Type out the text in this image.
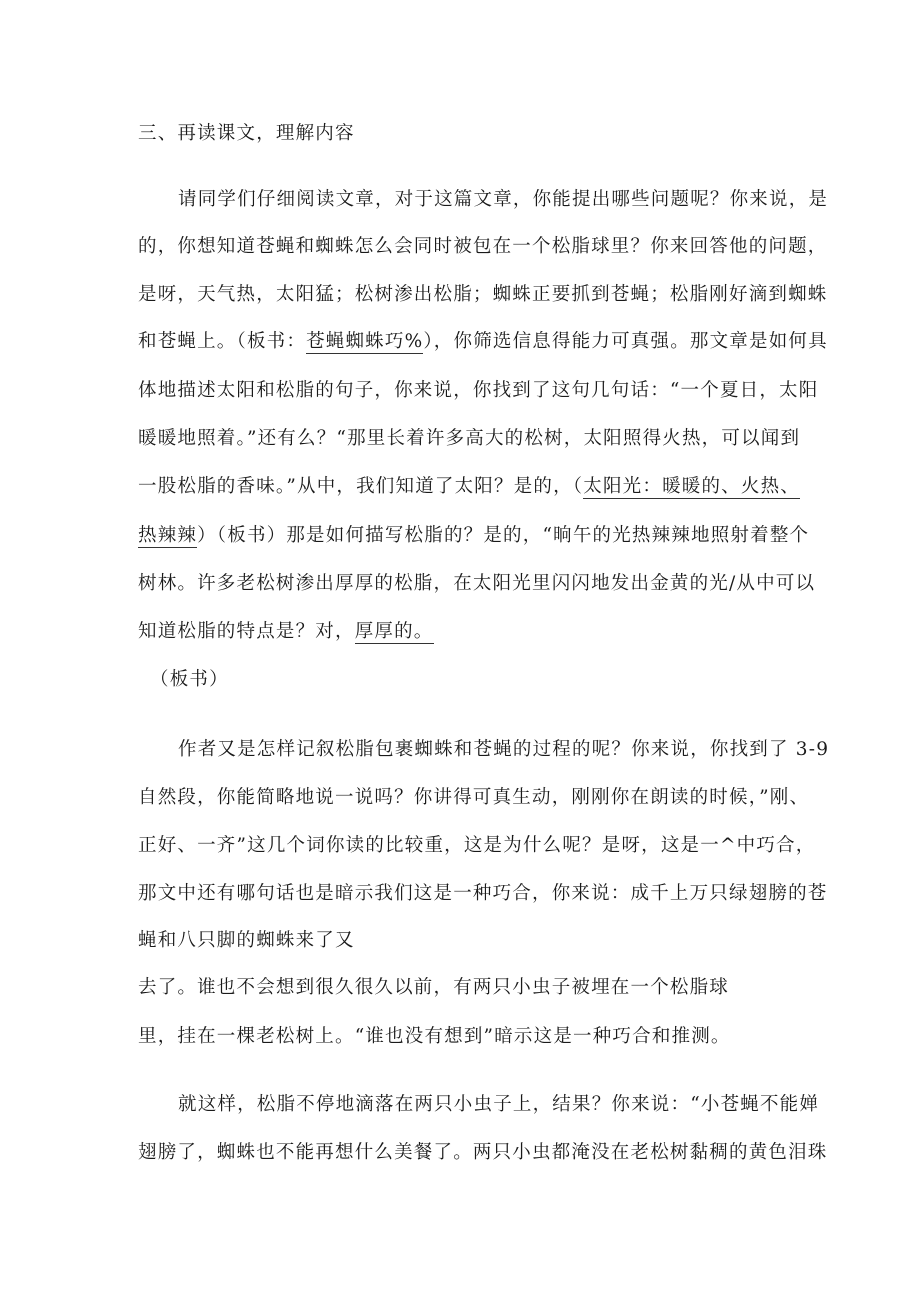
三、再读课文，理解内容
请同学们仔细阅读文章，对于这篇文章，你能提出哪些问题呢？你来说，是
的，你想知道苍蝇和蜘蛛怎么会同时被包在一个松脂球里？你来回答他的问题，
是呀，天气热，太阳猛；松树渗出松脂；蜘蛛正要抓到苍蝇；松脂刚好滴到蜘蛛
和苍蝇上。（板书：苍蝇蜘蛛巧%），你筛选信息得能力可真强。那文章是如何具
体地描述太阳和松脂的句子，你来说，你找到了这句几句话：“一个夏日，太阳
暖暖地照着。”还有么？“那里长着许多高大的松树，太阳照得火热，可以闻到
一股松脂的香味。”从中，我们知道了太阳？是的，（太阳光：暖暖的、火热、
热辣辣）（板书）那是如何描写松脂的？是的，“晌午的光热辣辣地照射着整个
树林。许多老松树渗出厚厚的松脂，在太阳光里闪闪地发出金黄的光/从中可以
知道松脂的特点是？对，厚厚的。
（板书）
作者又是怎样记叙松脂包裹蜘蛛和苍蝇的过程的呢？你来说，你找到了 3-9
自然段，你能简略地说一说吗？你讲得可真生动，刚刚你在朗读的时候，”刚、
正好、一齐”这几个词你读的比较重，这是为什么呢？是呀，这是一^中巧合，
那文中还有哪句话也是暗示我们这是一种巧合，你来说：成千上万只绿翅膀的苍
蝇和八只脚的蜘蛛来了又
去了。谁也不会想到很久很久以前，有两只小虫子被埋在一个松脂球
里，挂在一棵老松树上。“谁也没有想到”暗示这是一种巧合和推测。
就这样，松脂不停地滴落在两只小虫子上，结果？你来说：“小苍蝇不能婵
翅膀了，蜘蛛也不能再想什么美餐了。两只小虫都淹没在老松树黏稠的黄色泪珠
